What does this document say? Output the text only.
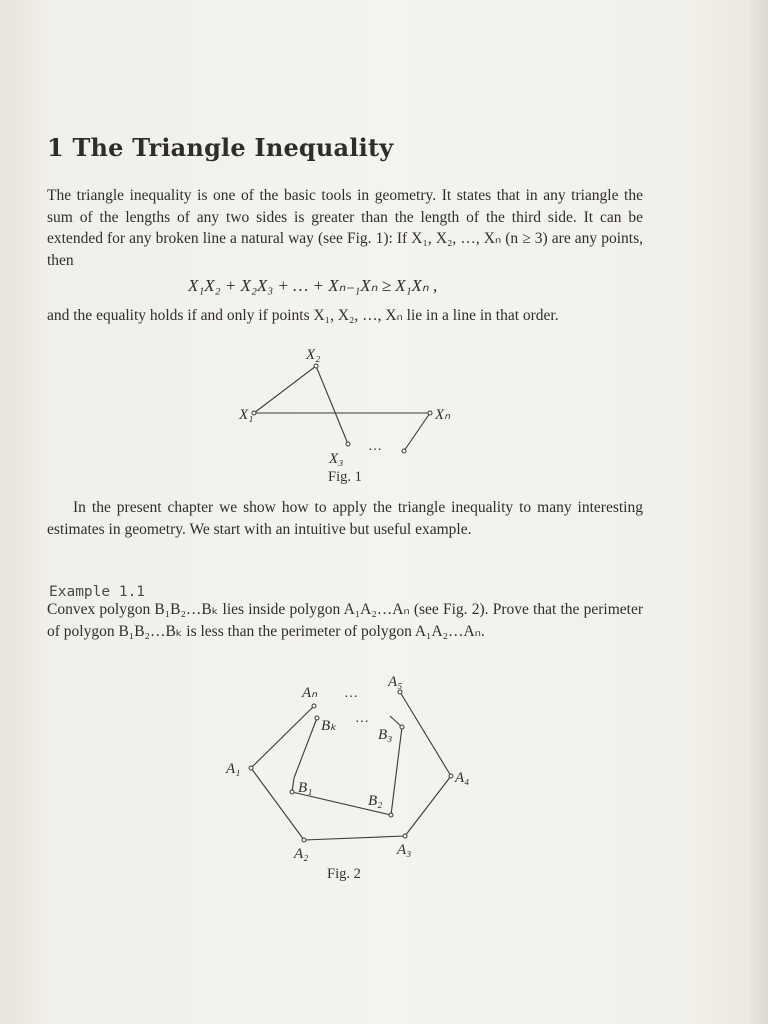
1 The Triangle Inequality
The triangle inequality is one of the basic tools in geometry. It states that in any triangle the sum of the lengths of any two sides is greater than the length of the third side. It can be extended for any broken line a natural way (see Fig. 1): If X₁, X₂, …, Xₙ (n ≥ 3) are any points, then
X₁X₂ + X₂X₃ + … + Xₙ₋₁Xₙ ≥ X₁Xₙ ,
and the equality holds if and only if points X₁, X₂, …, Xₙ lie in a line in that order.
X₁
X₂
X₃
Xₙ
…
Fig. 1
In the present chapter we show how to apply the triangle inequality to many interesting estimates in geometry. We start with an intuitive but useful example.
Example 1.1
Convex polygon B₁B₂…Bₖ lies inside polygon A₁A₂…Aₙ (see Fig. 2). Prove that the perimeter of polygon B₁B₂…Bₖ is less than the perimeter of polygon A₁A₂…Aₙ.
A₁
A₂	A₃
A₄
A₅
Aₙ
B₁
B₂
B₃
Bₖ
…
…
Fig. 2
